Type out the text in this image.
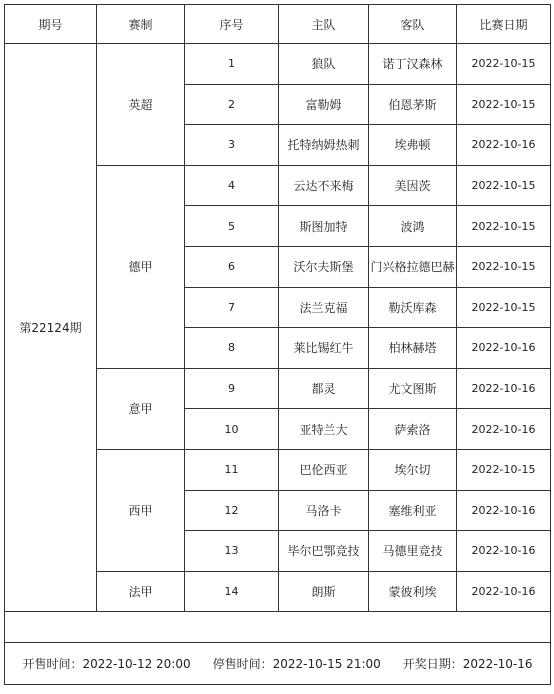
期号	赛制	序号	主队	客队	比赛日期
第22124期	英超	1	狼队	诺丁汉森林	2022-10-15
		2	富勒姆	伯恩茅斯	2022-10-15
		3	托特纳姆热刺	埃弗顿	2022-10-16
	德甲	4	云达不来梅	美因茨	2022-10-15
		5	斯图加特	波鸿	2022-10-15
		6	沃尔夫斯堡	门兴格拉德巴赫	2022-10-15
		7	法兰克福	勒沃库森	2022-10-15
		8	莱比锡红牛	柏林赫塔	2022-10-16
	意甲	9	都灵	尤文图斯	2022-10-16
		10	亚特兰大	萨索洛	2022-10-16
	西甲	11	巴伦西亚	埃尔切	2022-10-15
		12	马洛卡	塞维利亚	2022-10-16
		13	毕尔巴鄂竞技	马德里竞技	2022-10-16
	法甲	14	朗斯	蒙彼利埃	2022-10-16

开售时间：2022-10-12 20:00 停售时间：2022-10-15 21:00 开奖日期：2022-10-16					
